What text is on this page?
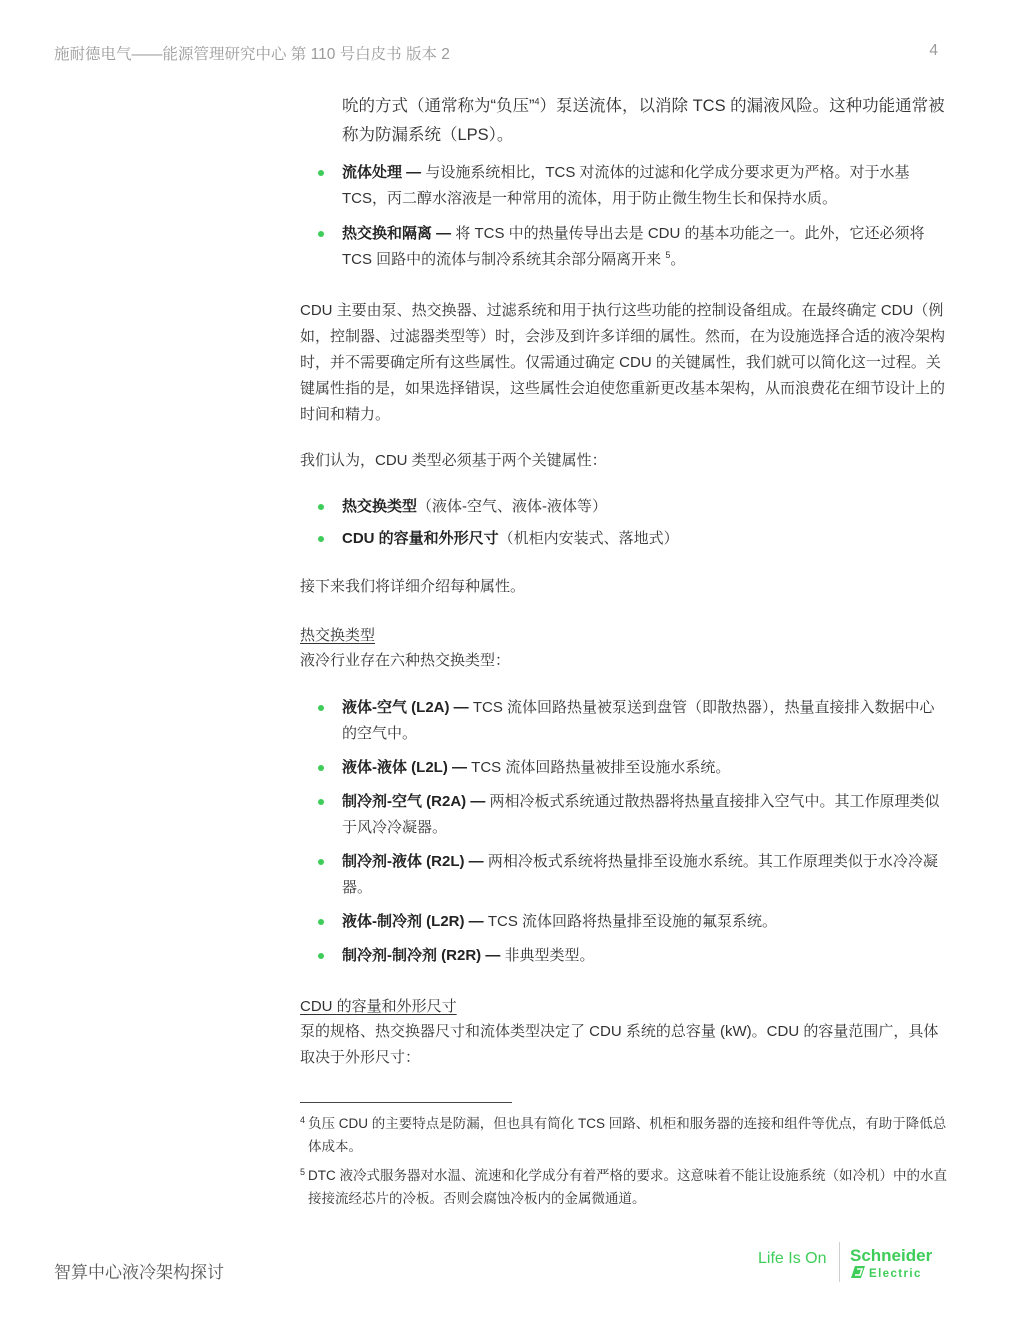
施耐德电气——能源管理研究中心 第 110 号白皮书 版本 2	4

吮的方式（通常称为“负压”$^4$）泵送流体，以消除 TCS 的漏液风险。这种功能通常被称为防漏系统（LPS）。

流体处理 — 与设施系统相比，TCS 对流体的过滤和化学成分要求更为严格。对于水基 TCS，丙二醇水溶液是一种常用的流体，用于防止微生物生长和保持水质。
热交换和隔离 — 将 TCS 中的热量传导出去是 CDU 的基本功能之一。此外，它还必须将 TCS 回路中的流体与制冷系统其余部分隔离开来 $^5$。

CDU 主要由泵、热交换器、过滤系统和用于执行这些功能的控制设备组成。在最终确定 CDU（例如，控制器、过滤器类型等）时，会涉及到许多详细的属性。然而，在为设施选择合适的液冷架构时，并不需要确定所有这些属性。仅需通过确定 CDU 的关键属性，我们就可以简化这一过程。关键属性指的是，如果选择错误，这些属性会迫使您重新更改基本架构，从而浪费花在细节设计上的时间和精力。

我们认为，CDU 类型必须基于两个关键属性：

热交换类型（液体-空气、液体-液体等）
CDU 的容量和外形尺寸（机柜内安装式、落地式）

接下来我们将详细介绍每种属性。

热交换类型

液冷行业存在六种热交换类型：

液体-空气 (L2A) — TCS 流体回路热量被泵送到盘管（即散热器），热量直接排入数据中心的空气中。
液体-液体 (L2L) — TCS 流体回路热量被排至设施水系统。
制冷剂-空气 (R2A) — 两相冷板式系统通过散热器将热量直接排入空气中。其工作原理类似于风冷冷凝器。
制冷剂-液体 (R2L) — 两相冷板式系统将热量排至设施水系统。其工作原理类似于水冷冷凝器。
液体-制冷剂 (L2R) — TCS 流体回路将热量排至设施的氟泵系统。
制冷剂-制冷剂 (R2R) — 非典型类型。
CDU 的容量和外形尺寸

泵的规格、热交换器尺寸和流体类型决定了 CDU 系统的总容量 (kW)。CDU 的容量范围广，具体取决于外形尺寸：

4 负压 CDU 的主要特点是防漏，但也具有简化 TCS 回路、机柜和服务器的连接和组件等优点，有助于降低总体成本。
5 DTC 液冷式服务器对水温、流速和化学成分有着严格的要求。这意味着不能让设施系统（如冷机）中的水直接接流经芯片的冷板。否则会腐蚀冷板内的金属微通道。
智算中心液冷架构探讨
Life Is On Schneider
Electric
